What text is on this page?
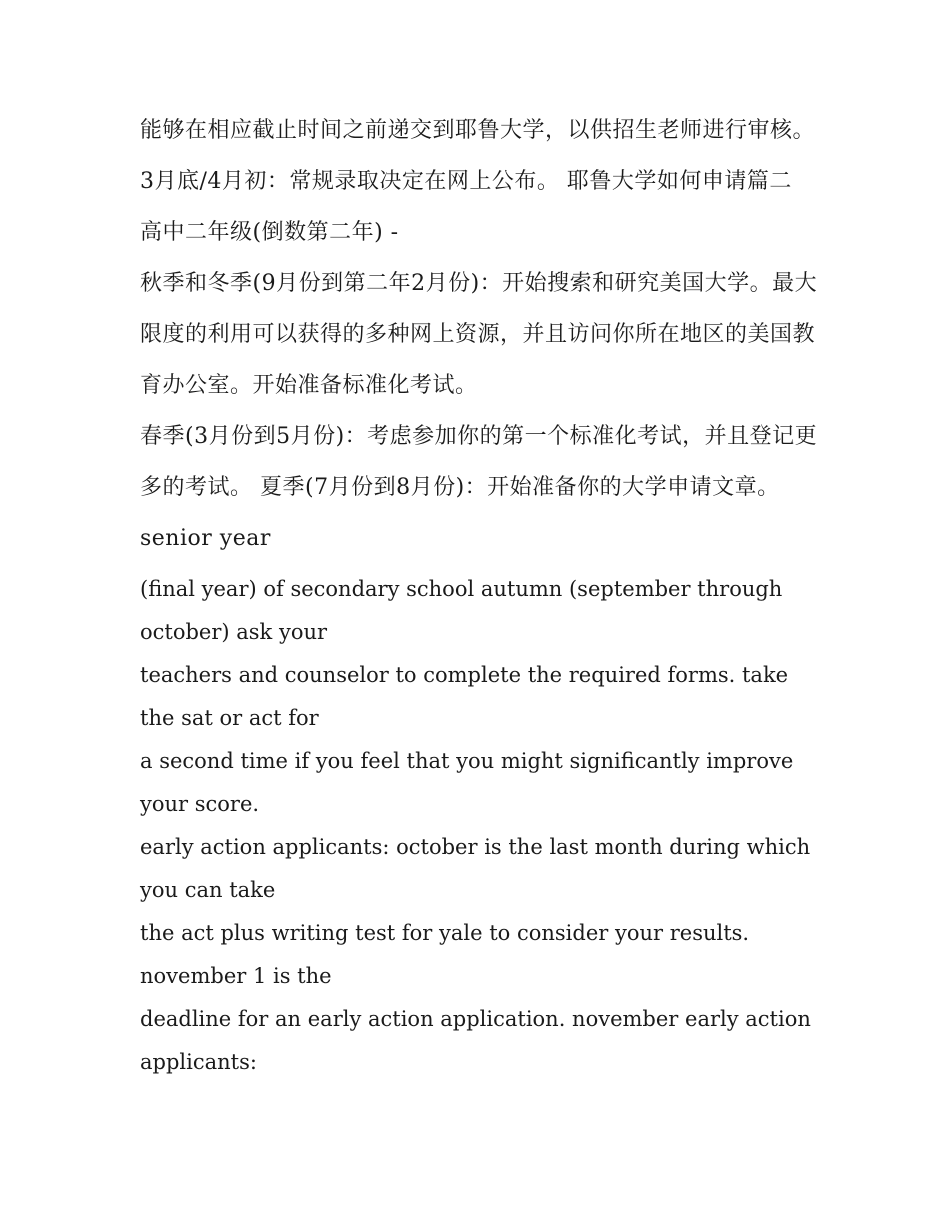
能够在相应截止时间之前递交到耶鲁大学，以供招生老师进行审核。

3月底/4月初：常规录取决定在网上公布。 耶鲁大学如何申请篇二 高中二年级(倒数第二年) -

秋季和冬季(9月份到第二年2月份)：开始搜索和研究美国大学。最大限度的利用可以获得的多种网上资源，并且访问你所在地区的美国教育办公室。开始准备标准化考试。

春季(3月份到5月份)：考虑参加你的第一个标准化考试，并且登记更多的考试。 夏季(7月份到8月份)：开始准备你的大学申请文章。 senior year

(final year) of secondary school autumn (september through october) ask your

teachers and counselor to complete the required forms. take the sat or act for

a second time if you feel that you might significantly improve your score.

early action applicants: october is the last month during which you can take

the act plus writing test for yale to consider your results. november 1 is the

deadline for an early action application. november early action applicants:
